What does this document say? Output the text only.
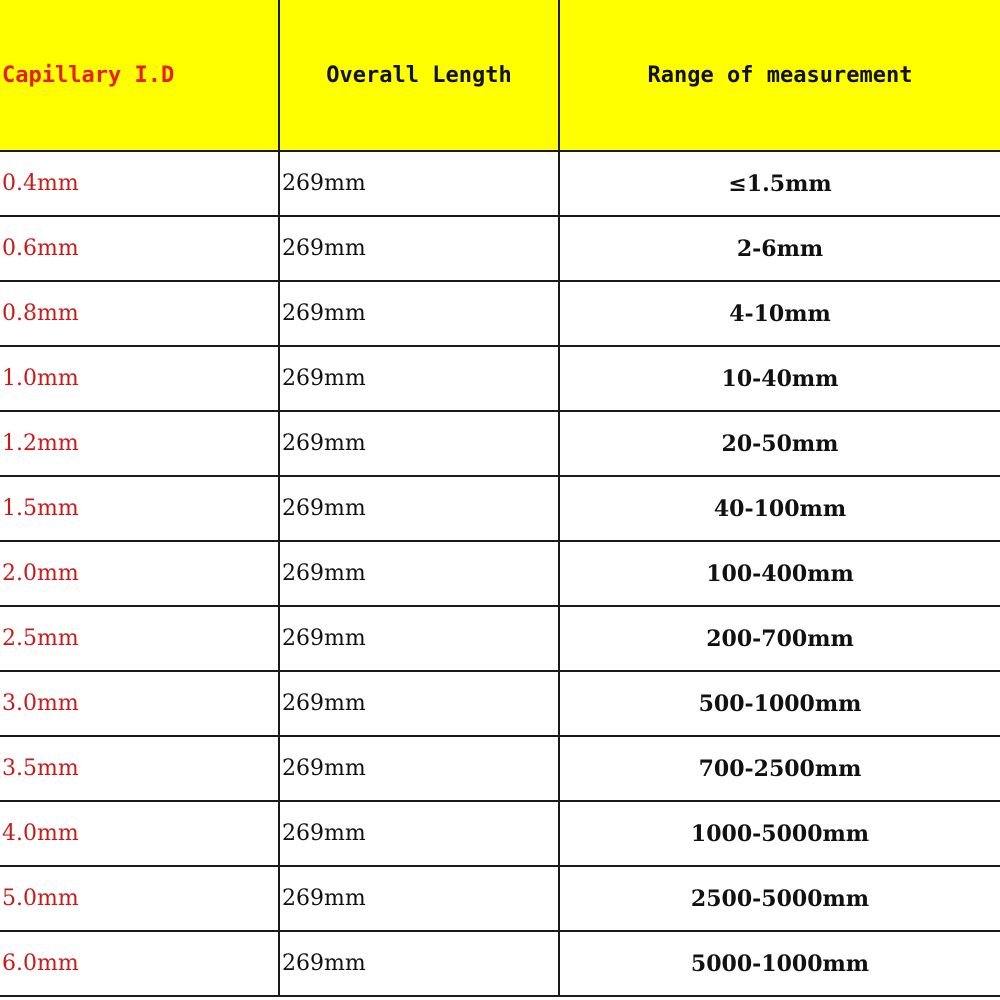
Capillary I.D	Overall Length	Range of measurement
0.4mm	269mm	≤1.5mm
0.6mm	269mm	2-6mm
0.8mm	269mm	4-10mm
1.0mm	269mm	10-40mm
1.2mm	269mm	20-50mm
1.5mm	269mm	40-100mm
2.0mm	269mm	100-400mm
2.5mm	269mm	200-700mm
3.0mm	269mm	500-1000mm
3.5mm	269mm	700-2500mm
4.0mm	269mm	1000-5000mm
5.0mm	269mm	2500-5000mm
6.0mm	269mm	5000-1000mm
